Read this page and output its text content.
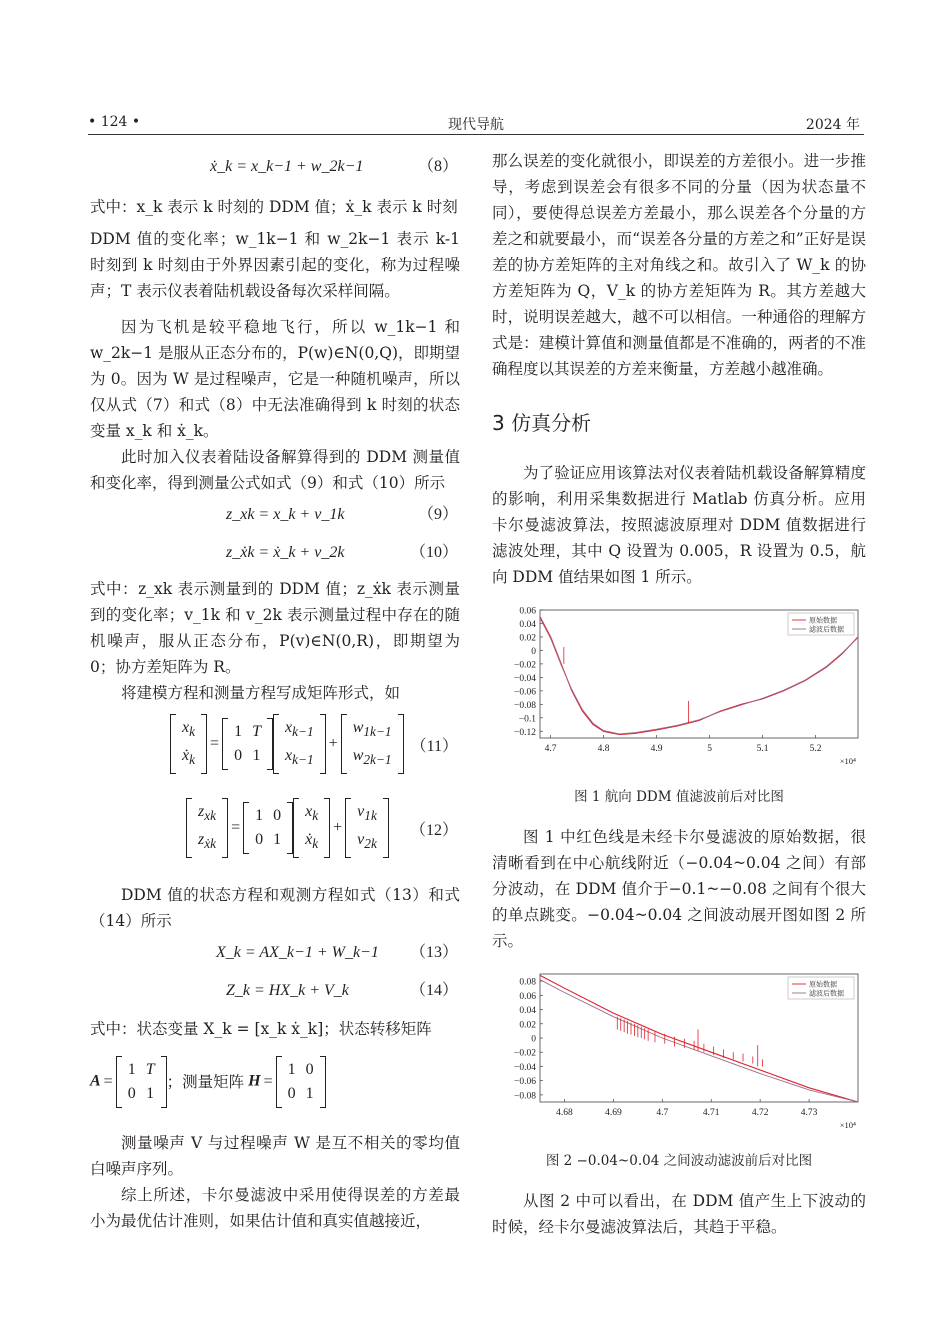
• 124 •	现代导航	2024 年
ẋ_k = x_k−1 + w_2k−1	（8）

式中：x_k 表示 k 时刻的 DDM 值；ẋ_k 表示 k 时刻

DDM 值的变化率；w_1k−1 和 w_2k−1 表示 k-1 时刻到 k 时刻由于外界因素引起的变化，称为过程噪声；T 表示仪表着陆机载设备每次采样间隔。

因为飞机是较平稳地飞行，所以 w_1k−1 和 w_2k−1 是服从正态分布的，P(w)∈N(0,Q)，即期望为 0。因为 W 是过程噪声，它是一种随机噪声，所以仅从式（7）和式（8）中无法准确得到 k 时刻的状态变量 x_k 和 ẋ_k。

此时加入仪表着陆设备解算得到的 DDM 测量值和变化率，得到测量公式如式（9）和式（10）所示

z_xk = x_k + v_1k	（9）
z_ẋk = ẋ_k + v_2k	（10）

式中：z_xk 表示测量到的 DDM 值；z_ẋk 表示测量到的变化率；v_1k 和 v_2k 表示测量过程中存在的随机噪声，服从正态分布，P(v)∈N(0,R)，即期望为 0；协方差矩阵为 R。

将建模方程和测量方程写成矩阵形式，如

$x_k$
ẋ$_k$
=
1	T
0	1
$x_{k-1}$
$x_{k-1}$
+
$w_{1k-1}$
$w_{2k-1}$
（11）
$z_{xk}$
$z_{ẋk}$
=
1	0
0	1
$x_k$
ẋ$_k$
+
$v_{1k}$
$v_{2k}$
（12）

DDM 值的状态方程和观测方程如式（13）和式（14）所示

X_k = AX_k−1 + W_k−1 （13）
Z_k = HX_k + V_k	（14）

式中：状态变量 X_k = [x_k ẋ_k]；状态转移矩阵

A =
1	T
0	1
；测量矩阵 H =
1	0
0	1

测量噪声 V 与过程噪声 W 是互不相关的零均值白噪声序列。

综上所述，卡尔曼滤波中采用使得误差的方差最小为最优估计准则，如果估计值和真实值越接近，

那么误差的变化就很小，即误差的方差很小。进一步推导，考虑到误差会有很多不同的分量（因为状态量不同），要使得总误差方差最小，那么误差各个分量的方差之和就要最小，而“误差各分量的方差之和”正好是误差的协方差矩阵的主对角线之和。故引入了 W_k 的协方差矩阵为 Q，V_k 的协方差矩阵为 R。其方差越大时，说明误差越大，越不可以相信。一种通俗的理解方式是：建模计算值和测量值都是不准确的，两者的不准确程度以其误差的方差来衡量，方差越小越准确。

3 仿真分析

为了验证应用该算法对仪表着陆机载设备解算精度的影响，利用采集数据进行 Matlab 仿真分析。应用卡尔曼滤波算法，按照滤波原理对 DDM 值数据进行滤波处理，其中 Q 设置为 0.005，R 设置为 0.5，航向 DDM 值结果如图 1 所示。

0.06
0.04
0.02
0
−0.02
−0.04
−0.06
−0.08
−0.1
−0.12
4.7	4.8	4.9	5	5.1	5.2
×10⁴
原始数据
滤波后数据
图 1 航向 DDM 值滤波前后对比图

图 1 中红色线是未经卡尔曼滤波的原始数据，很清晰看到在中心航线附近（−0.04~0.04 之间）有部分波动，在 DDM 值介于−0.1~−0.08 之间有个很大的单点跳变。−0.04~0.04 之间波动展开图如图 2 所示。

0.08
0.06
0.04
0.02
0
−0.02
−0.04
−0.06
−0.08
4.68	4.69	4.7	4.71	4.72	4.73
×10⁴
原始数据
滤波后数据
图 2 −0.04~0.04 之间波动滤波前后对比图

从图 2 中可以看出，在 DDM 值产生上下波动的时候，经卡尔曼滤波算法后，其趋于平稳。
